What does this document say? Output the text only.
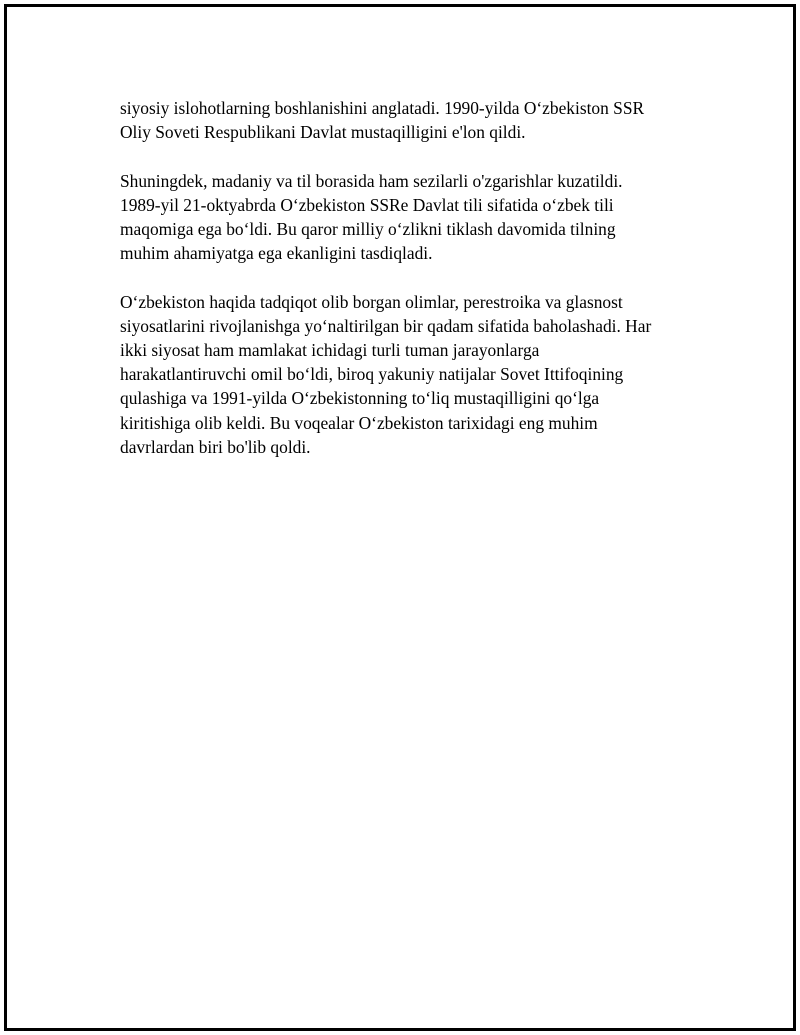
siyosiy islohotlarning boshlanishini anglatadi. 1990-yilda O‘zbekiston SSR
Oliy Soveti Respublikani Davlat mustaqilligini e'lon qildi.

Shuningdek, madaniy va til borasida ham sezilarli o'zgarishlar kuzatildi.
1989-yil 21-oktyabrda O‘zbekiston SSRe Davlat tili sifatida o‘zbek tili
maqomiga ega bo‘ldi. Bu qaror milliy o‘zlikni tiklash davomida tilning
muhim ahamiyatga ega ekanligini tasdiqladi.

O‘zbekiston haqida tadqiqot olib borgan olimlar, perestroika va glasnost
siyosatlarini rivojlanishga yo‘naltirilgan bir qadam sifatida baholashadi. Har
ikki siyosat ham mamlakat ichidagi turli tuman jarayonlarga
harakatlantiruvchi omil bo‘ldi, biroq yakuniy natijalar Sovet Ittifoqining
qulashiga va 1991-yilda O‘zbekistonning to‘liq mustaqilligini qo‘lga
kiritishiga olib keldi. Bu voqealar O‘zbekiston tarixidagi eng muhim
davrlardan biri bo'lib qoldi.
